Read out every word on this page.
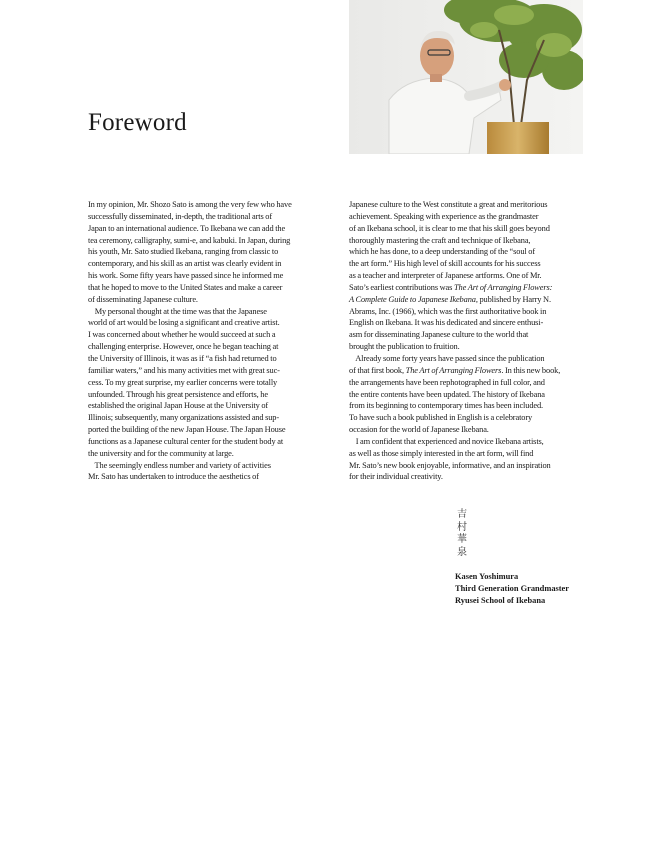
Foreword

In my opinion, Mr. Shozo Sato is among the very few who have

successfully disseminated, in-depth, the traditional arts of

Japan to an international audience. To Ikebana we can add the

tea ceremony, calligraphy, sumi-e, and kabuki. In Japan, during

his youth, Mr. Sato studied Ikebana, ranging from classic to

contemporary, and his skill as an artist was clearly evident in

his work. Some fifty years have passed since he informed me

that he hoped to move to the United States and make a career

of disseminating Japanese culture.

My personal thought at the time was that the Japanese

world of art would be losing a significant and creative artist.

I was concerned about whether he would succeed at such a

challenging enterprise. However, once he began teaching at

the University of Illinois, it was as if “a fish had returned to

familiar waters,” and his many activities met with great suc-

cess. To my great surprise, my earlier concerns were totally

unfounded. Through his great persistence and efforts, he

established the original Japan House at the University of

Illinois; subsequently, many organizations assisted and sup-

ported the building of the new Japan House. The Japan House

functions as a Japanese cultural center for the student body at

the university and for the community at large.

The seemingly endless number and variety of activities

Mr. Sato has undertaken to introduce the aesthetics of

Japanese culture to the West constitute a great and meritorious

achievement. Speaking with experience as the grandmaster

of an Ikebana school, it is clear to me that his skill goes beyond

thoroughly mastering the craft and technique of Ikebana,

which he has done, to a deep understanding of the “soul of

the art form.” His high level of skill accounts for his success

as a teacher and interpreter of Japanese artforms. One of Mr.

Sato’s earliest contributions was The Art of Arranging Flowers:

A Complete Guide to Japanese Ikebana, published by Harry N.

Abrams, Inc. (1966), which was the first authoritative book in

English on Ikebana. It was his dedicated and sincere enthusi-

asm for disseminating Japanese culture to the world that

brought the publication to fruition.

Already some forty years have passed since the publication

of that first book, The Art of Arranging Flowers. In this new book,

the arrangements have been rephotographed in full color, and

the entire contents have been updated. The history of Ikebana

from its beginning to contemporary times has been included.

To have such a book published in English is a celebratory

occasion for the world of Japanese Ikebana.

I am confident that experienced and novice Ikebana artists,

as well as those simply interested in the art form, will find

Mr. Sato’s new book enjoyable, informative, and an inspiration

for their individual creativity.

吉
村
華
泉
Kasen Yoshimura
Third Generation Grandmaster
Ryusei School of Ikebana
